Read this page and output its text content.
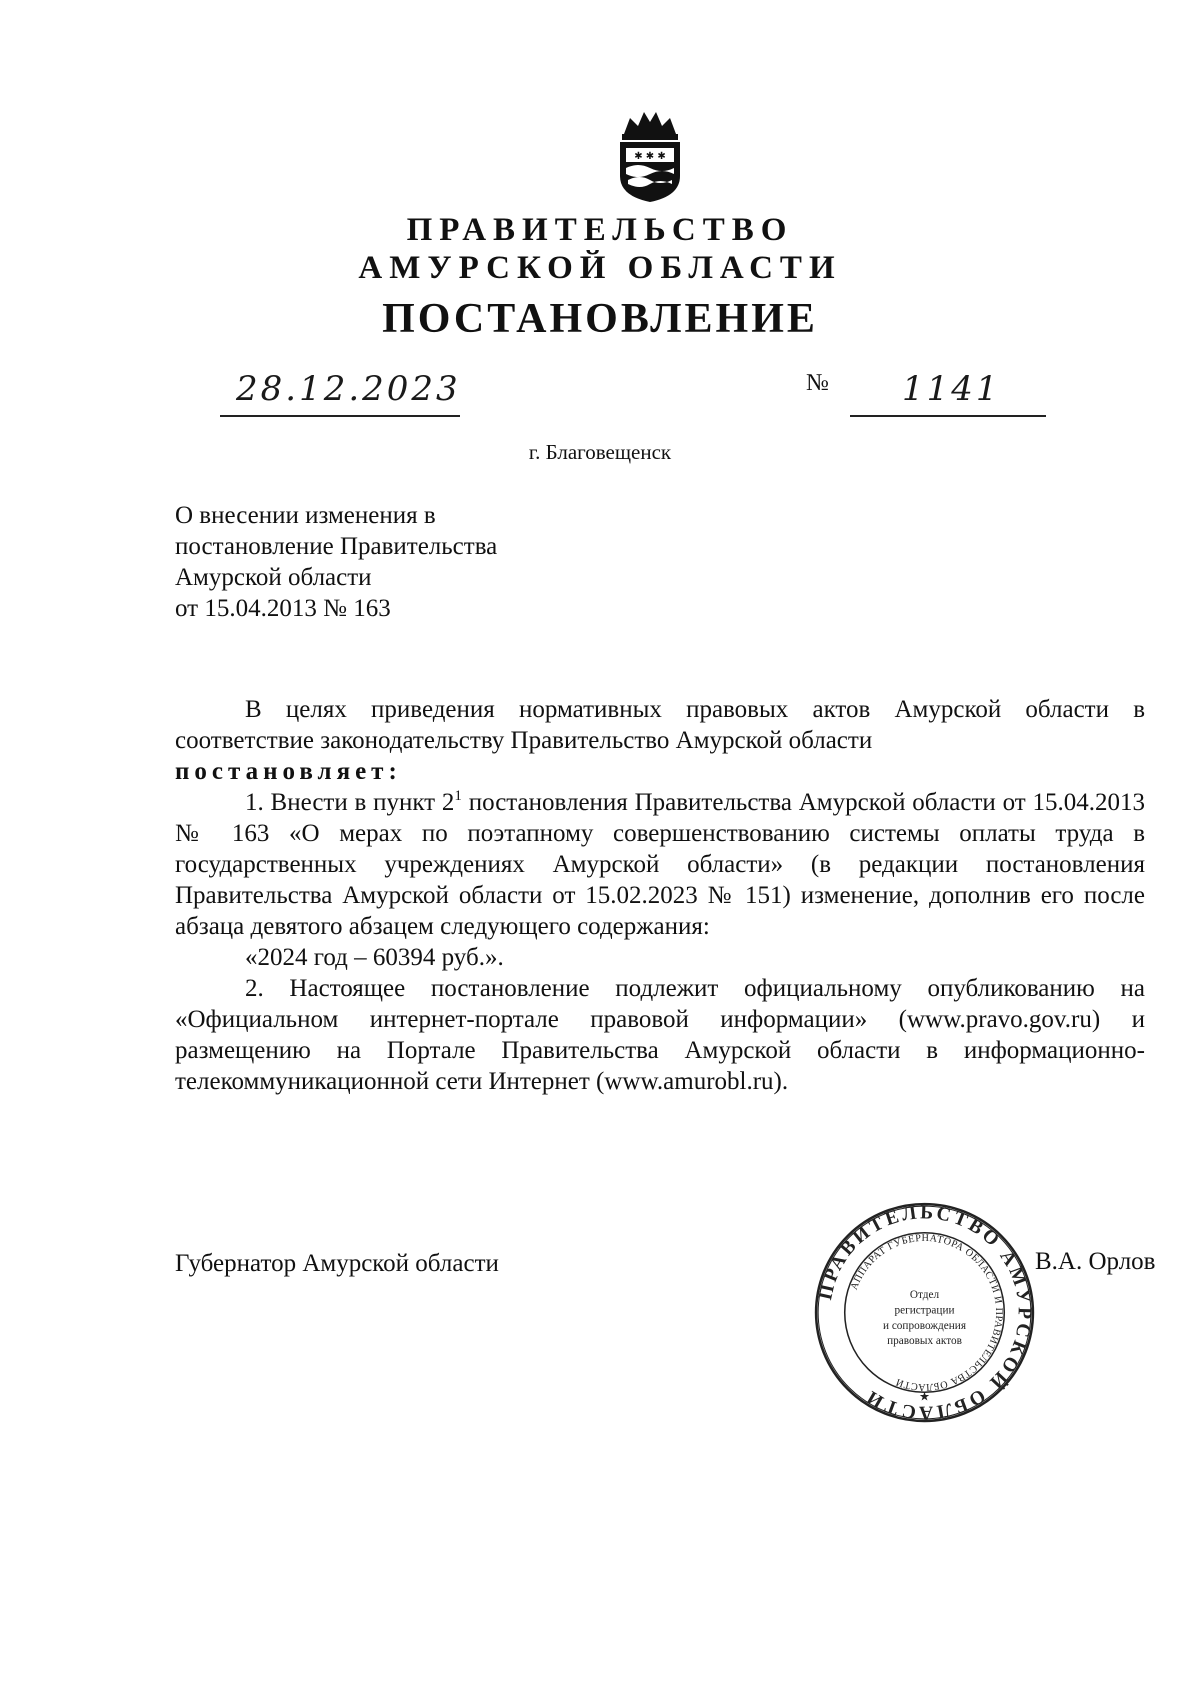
✱ ✱ ✱
ПРАВИТЕЛЬСТВО
АМУРСКОЙ ОБЛАСТИ
ПОСТАНОВЛЕНИЕ
28.12.2023	№ 1141
г. Благовещенск
О внесении изменения в
постановление Правительства
Амурской области
от 15.04.2013 № 163

В целях приведения нормативных правовых актов Амурской области в соответствие законодательству Правительство Амурской области

постановляет:

1. Внести в пункт $2^1$ постановления Правительства Амурской области от 15.04.2013 № 163 «О мерах по поэтапному совершенствованию системы оплаты труда в государственных учреждениях Амурской области» (в редакции постановления Правительства Амурской области от 15.02.2023 № 151) изменение, дополнив его после абзаца девятого абзацем следующего содержания:

«2024 год – 60394 руб.».

2. Настоящее постановление подлежит официальному опубликованию на «Официальном интернет-портале правовой информации» (www.pravo.gov.ru) и размещению на Портале Правительства Амурской области в информационно-телекоммуникационной сети Интернет (www.amurobl.ru).

Губернатор Амурской области	В.А. Орлов
ПРАВИТЕЛЬСТВО АМУРСКОЙ ОБЛАСТИ
АППАРАТ ГУБЕРНАТОРА ОБЛАСТИ И ПРАВИТЕЛЬСТВА ОБЛАСТИ
Отдел
регистрации
и сопровождения
правовых актов
★
